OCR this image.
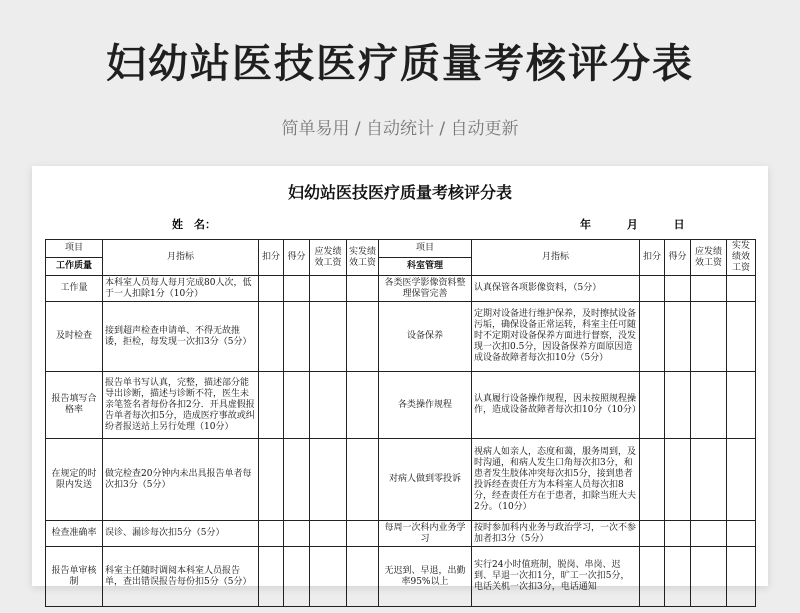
妇幼站医技医疗质量考核评分表
简单易用 / 自动统计 / 自动更新
妇幼站医技医疗质量考核评分表
姓　名：	年 月 日
项目	月指标	扣分	得分	应发绩效工资	实发绩效工资	项目	月指标	扣分	得分	应发绩效工资	实发绩效工资
工作质量						科室管理					
工作量	本科室人员每人每月完成80人次，低于一人扣除1分（10分）					各类医学影像资料整理保管完善	认真保管各项影像资料，（5分）				
及时检查	接到超声检查申请单、不得无故推诿，拒检，每发现一次扣3分（5分）					设备保养	定期对设备进行维护保养，及时擦拭设备污垢，确保设备正常运转，科室主任可随时不定期对设备保养方面进行督察，没发现一次扣0.5分，因设备保养方面原因造成设备故障者每次扣10分（5分）				
报告填写合格率	报告单书写认真，完整，描述部分能导出诊断，描述与诊断不符，医生未亲笔签名者每份各扣2分．开具虚假报告单者每次扣5分，造成医疗事故或纠纷者报送站上另行处理（10分）					各类操作规程	认真履行设备操作规程，因未按照规程操作，造成设备故障者每次扣10分（10分）				
在规定的时限内发送	做完检查20分钟内未出具报告单者每次扣3分（5分）					对病人做到零投诉	视病人如亲人，态度和蔼，服务周到，及时沟通，和病人发生口角每次扣3分，和患者发生肢体冲突每次扣5分，接到患者投诉经查责任方为本科室人员每次扣8分，经查责任方在于患者，扣除当班大夫2分。（10分）				
检查准确率	误诊、漏诊每次扣5分（5分）					每周一次科内业务学习	按时参加科内业务与政治学习，一次不参加者扣3分（5分）				
报告单审核制	科室主任随时调阅本科室人员报告单，查出错误报告每份扣5分（5分）					无迟到、早退，出勤率95%以上	实行24小时值班制，脱岗、串岗、迟到、早退一次扣1分，旷工一次扣5分，电话关机一次扣3分，电话通知				
